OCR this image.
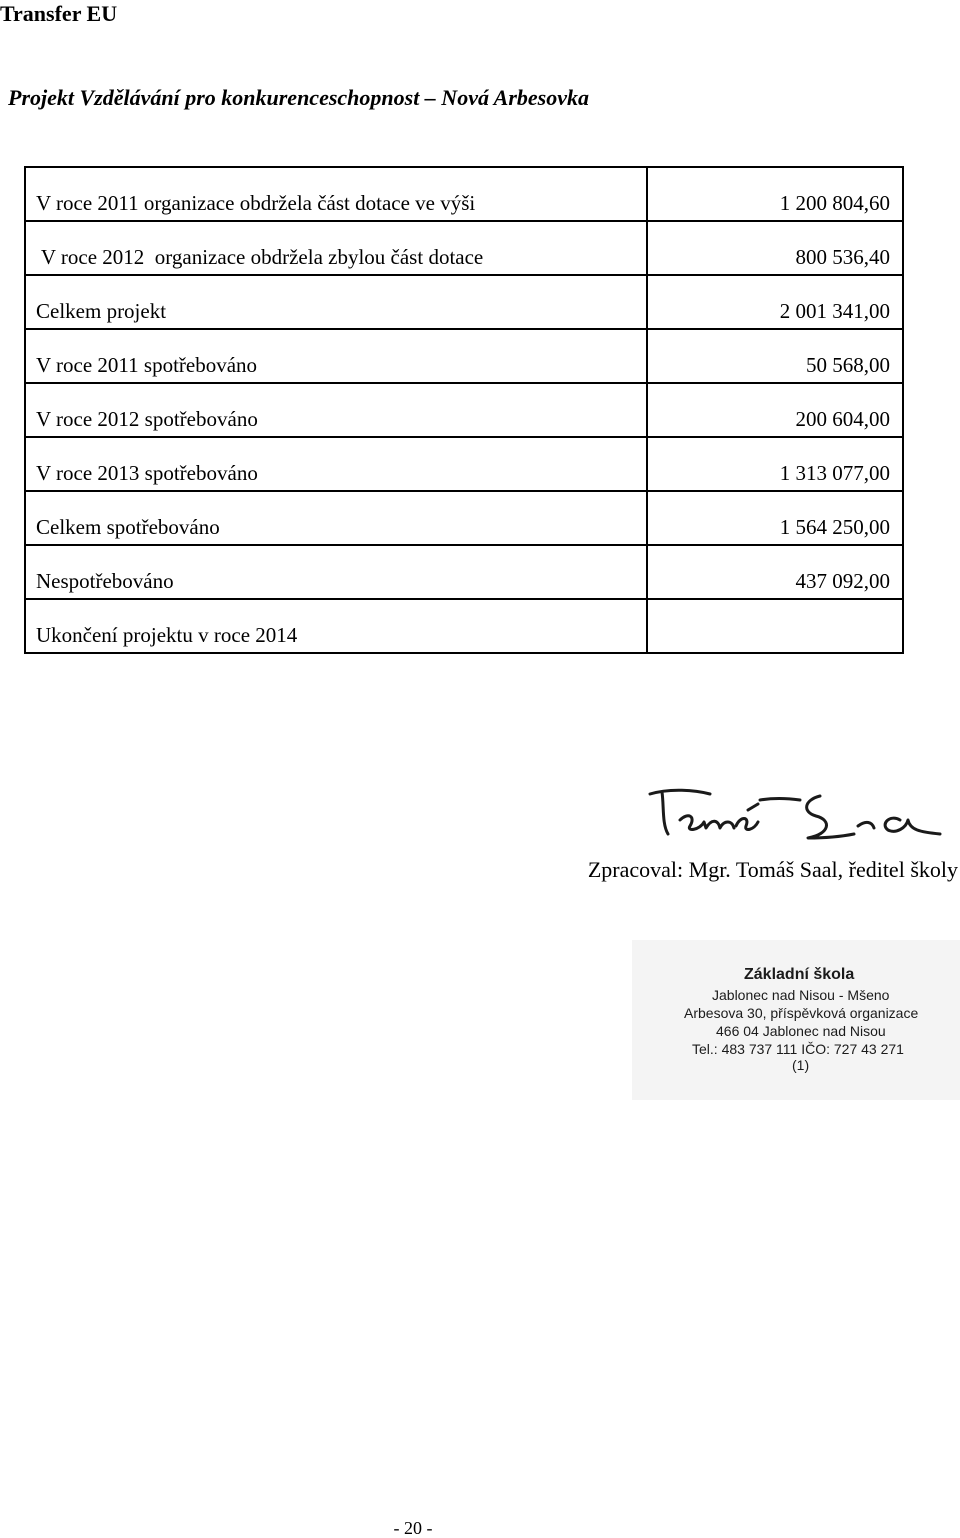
Transfer EU
Projekt Vzdělávání pro konkurenceschopnost – Nová Arbesovka
V roce 2011 organizace obdržela část dotace ve výši	1 200 804,60
V roce 2012  organizace obdržela zbylou část dotace	800 536,40
Celkem projekt	2 001 341,00
V roce 2011 spotřebováno	50 568,00
V roce 2012 spotřebováno	200 604,00
V roce 2013 spotřebováno	1 313 077,00
Celkem spotřebováno	1 564 250,00
Nespotřebováno	437 092,00
Ukončení projektu v roce 2014	
Zpracoval: Mgr. Tomáš Saal, ředitel školy
Základní škola
Jablonec nad Nisou - Mšeno
Arbesova 30, příspěvková organizace
466 04 Jablonec nad Nisou
Tel.: 483 737 111 IČO: 727 43 271
(1)
- 20 -
